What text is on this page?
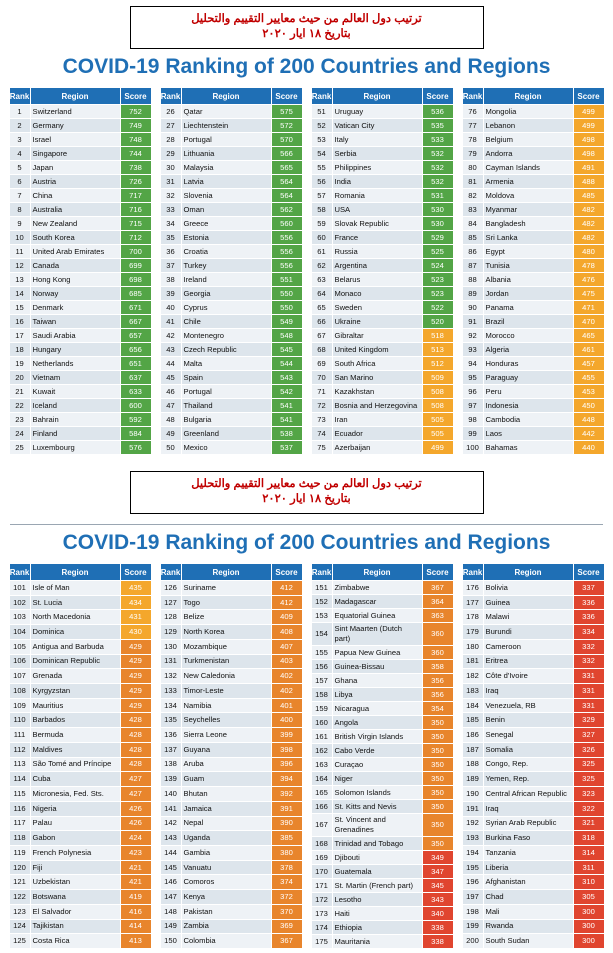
ترتيب دول العالم من حيث معايير التقييم والتحليل
بتاريخ ١٨ ايار ٢٠٢٠
COVID-19 Ranking of 200 Countries and Regions
Rank	Region	Score
1	Switzerland	752
2	Germany	749
3	Israel	748
4	Singapore	744
5	Japan	738
6	Austria	726
7	China	717
8	Australia	716
9	New Zealand	715
10	South Korea	712
11	United Arab Emirates	700
12	Canada	699
13	Hong Kong	698
14	Norway	685
15	Denmark	671
16	Taiwan	667
17	Saudi Arabia	657
18	Hungary	656
19	Netherlands	651
20	Vietnam	637
21	Kuwait	633
22	Iceland	600
23	Bahrain	592
24	Finland	584
25	Luxembourg	576
Rank	Region	Score
26	Qatar	575
27	Liechtenstein	572
28	Portugal	570
29	Lithuania	566
30	Malaysia	565
31	Latvia	564
32	Slovenia	564
33	Oman	562
34	Greece	560
35	Estonia	556
36	Croatia	556
37	Turkey	556
38	Ireland	551
39	Georgia	550
40	Cyprus	550
41	Chile	549
42	Montenegro	548
43	Czech Republic	545
44	Malta	544
45	Spain	543
46	Portugal	542
47	Thailand	541
48	Bulgaria	541
49	Greenland	538
50	Mexico	537
Rank	Region	Score
51	Uruguay	536
52	Vatican City	535
53	Italy	533
54	Serbia	532
55	Philippines	532
56	India	532
57	Romania	531
58	USA	530
59	Slovak Republic	530
60	France	529
61	Russia	525
62	Argentina	524
63	Belarus	523
64	Monaco	523
65	Sweden	522
66	Ukraine	520
67	Gibraltar	518
68	United Kingdom	513
69	South Africa	512
70	San Marino	509
71	Kazakhstan	508
72	Bosnia and Herzegovina	508
73	Iran	505
74	Ecuador	505
75	Azerbaijan	499
Rank	Region	Score
76	Mongolia	499
77	Lebanon	499
78	Belgium	498
79	Andorra	498
80	Cayman Islands	491
81	Armenia	488
82	Moldova	485
83	Myanmar	482
84	Bangladesh	482
85	Sri Lanka	482
86	Egypt	480
87	Tunisia	478
88	Albania	476
89	Jordan	475
90	Panama	471
91	Brazil	470
92	Morocco	465
93	Algeria	461
94	Honduras	457
95	Paraguay	455
96	Peru	453
97	Indonesia	450
98	Cambodia	448
99	Laos	442
100	Bahamas	440
ترتيب دول العالم من حيث معايير التقييم والتحليل
بتاريخ ١٨ ايار ٢٠٢٠
COVID-19 Ranking of 200 Countries and Regions
Rank	Region	Score
101	Isle of Man	435
102	St. Lucia	434
103	North Macedonia	431
104	Dominica	430
105	Antigua and Barbuda	429
106	Dominican Republic	429
107	Grenada	429
108	Kyrgyzstan	429
109	Mauritius	429
110	Barbados	428
111	Bermuda	428
112	Maldives	428
113	São Tomé and Príncipe	428
114	Cuba	427
115	Micronesia, Fed. Sts.	427
116	Nigeria	426
117	Palau	426
118	Gabon	424
119	French Polynesia	423
120	Fiji	421
121	Uzbekistan	421
122	Botswana	419
123	El Salvador	416
124	Tajikistan	414
125	Costa Rica	413
Rank	Region	Score
126	Suriname	412
127	Togo	412
128	Belize	409
129	North Korea	408
130	Mozambique	407
131	Turkmenistan	403
132	New Caledonia	402
133	Timor-Leste	402
134	Namibia	401
135	Seychelles	400
136	Sierra Leone	399
137	Guyana	398
138	Aruba	396
139	Guam	394
140	Bhutan	392
141	Jamaica	391
142	Nepal	390
143	Uganda	385
144	Gambia	380
145	Vanuatu	378
146	Comoros	374
147	Kenya	372
148	Pakistan	370
149	Zambia	369
150	Colombia	367
Rank	Region	Score
151	Zimbabwe	367
152	Madagascar	364
153	Equatorial Guinea	363
154	Sint Maarten (Dutch part)	360
155	Papua New Guinea	360
156	Guinea-Bissau	358
157	Ghana	356
158	Libya	356
159	Nicaragua	354
160	Angola	350
161	British Virgin Islands	350
162	Cabo Verde	350
163	Curaçao	350
164	Niger	350
165	Solomon Islands	350
166	St. Kitts and Nevis	350
167	St. Vincent and Grenadines	350
168	Trinidad and Tobago	350
169	Djibouti	349
170	Guatemala	347
171	St. Martin (French part)	345
172	Lesotho	343
173	Haiti	340
174	Ethiopia	338
175	Mauritania	338
Rank	Region	Score
176	Bolivia	337
177	Guinea	336
178	Malawi	336
179	Burundi	334
180	Cameroon	332
181	Eritrea	332
182	Côte d'Ivoire	331
183	Iraq	331
184	Venezuela, RB	331
185	Benin	329
186	Senegal	327
187	Somalia	326
188	Congo, Rep.	325
189	Yemen, Rep.	325
190	Central African Republic	323
191	Iraq	322
192	Syrian Arab Republic	321
193	Burkina Faso	318
194	Tanzania	314
195	Liberia	311
196	Afghanistan	310
197	Chad	305
198	Mali	300
199	Rwanda	300
200	South Sudan	300
